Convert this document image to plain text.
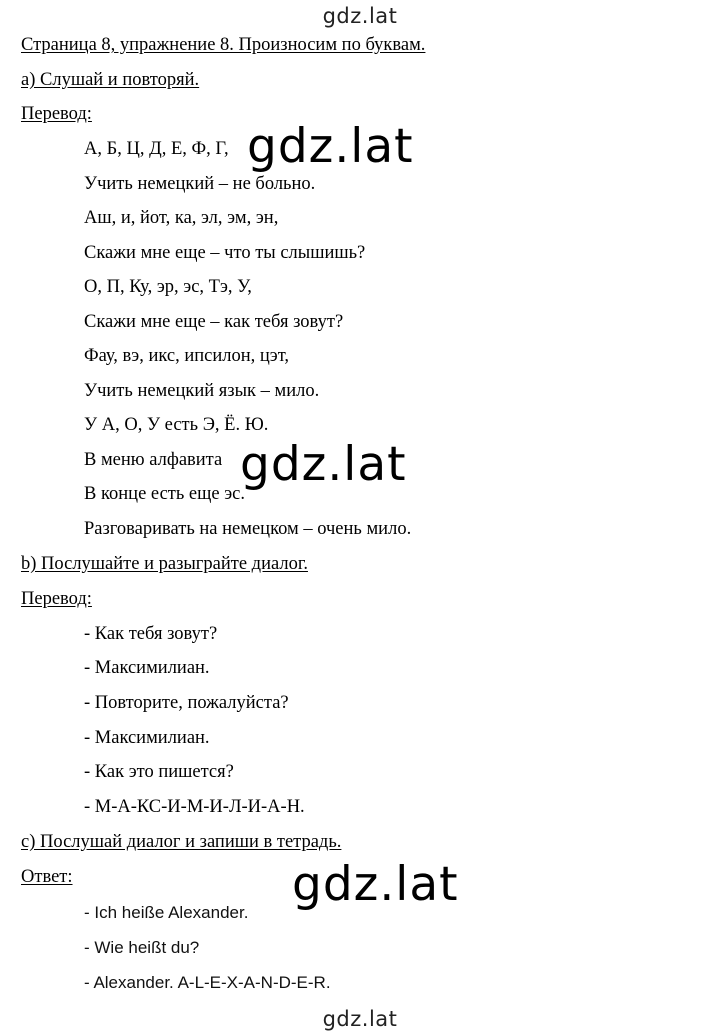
gdz.lat
gdz.lat
Страница 8, упражнение 8. Произносим по буквам.
a) Слушай и повторяй.
Перевод:
А, Б, Ц, Д, Е, Ф, Г,
Учить немецкий – не больно.
Аш, и, йот, ка, эл, эм, эн,
Скажи мне еще – что ты слышишь?
О, П, Ку, эр, эс, Тэ, У,
Скажи мне еще – как тебя зовут?
Фау, вэ, икс, ипсилон, цэт,
Учить немецкий язык – мило.
У А, О, У есть Э, Ё. Ю.
В меню алфавита
В конце есть еще эс.
Разговаривать на немецком – очень мило.
b) Послушайте и разыграйте диалог.
Перевод:
- Как тебя зовут?
- Максимилиан.
- Повторите, пожалуйста?
- Максимилиан.
- Как это пишется?
- М-А-КС-И-М-И-Л-И-А-Н.
c) Послушай диалог и запиши в тетрадь.
Ответ:
- Ich heiße Alexander.
- Wie heißt du?
- Alexander. A-L-E-X-A-N-D-E-R.
gdz.lat
gdz.lat
gdz.lat
